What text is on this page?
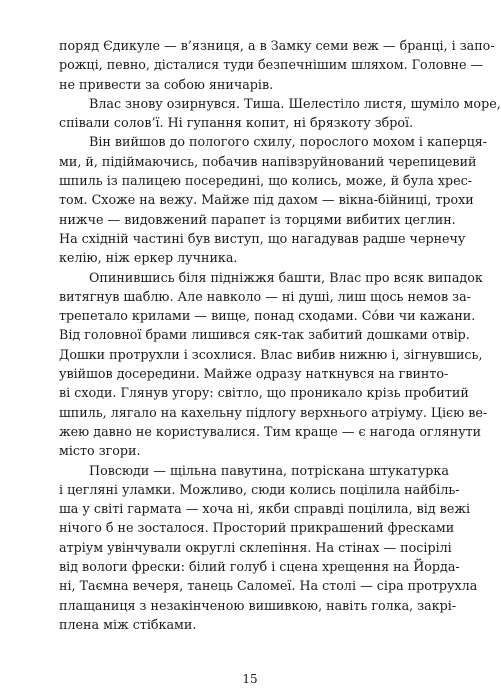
поряд Єдикуле — в’язниця, а в Замку семи веж — бранці, і запо-
рожці, певно, дісталися туди безпечнішим шляхом. Головне —
не привести за собою яничарів.
Влас знову озирнувся. Тиша. Шелестіло листя, шуміло море,
співали солов’ї. Ні гупання копит, ні брязкоту зброї.
Він вийшов до пологого схилу, порослого мохом і каперця-
ми, й, підіймаючись, побачив напівзруйнований черепицевий
шпиль із палицею посередині, що колись, може, й була хрес-
том. Схоже на вежу. Майже під дахом — вікна-бійниці, трохи
нижче — видовжений парапет із торцями вибитих цеглин.
На східній частині був виступ, що нагадував радше чернечу
келію, ніж еркер лучника.
Опинившись біля підніжжя башти, Влас про всяк випадок
витягнув шаблю. Але навколо — ні душі, лиш щось немов за-
трепетало крилами — вище, понад сходами. Со́ви чи кажани.
Від головної брами лишився сяк-так забитий дошками отвір.
Дошки протрухли і зсохлися. Влас вибив нижню і, зігнувшись,
увійшов досередини. Майже одразу наткнувся на гвинто-
ві сходи. Глянув угору: світло, що проникало крізь пробитий
шпиль, лягало на кахельну підлогу верхнього атріуму. Цією ве-
жею давно не користувалися. Тим краще — є нагода оглянути
місто згори.
Повсюди — щільна павутина, потріскана штукатурка
і цегляні уламки. Можливо, сюди колись поцілила найбіль-
ша у світі гармата — хоча ні, якби справді поцілила, від вежі
нічого б не зосталося. Просторий прикрашений фресками
атріум увінчували округлі склепіння. На стінах — посірілі
від вологи фрески: білий голуб і сцена хрещення на Йорда-
ні, Таємна вечеря, танець Саломеї. На столі — сіра протрухла
плащаниця з незакінченою вишивкою, навіть голка, закрі-
плена між стібками.
15
